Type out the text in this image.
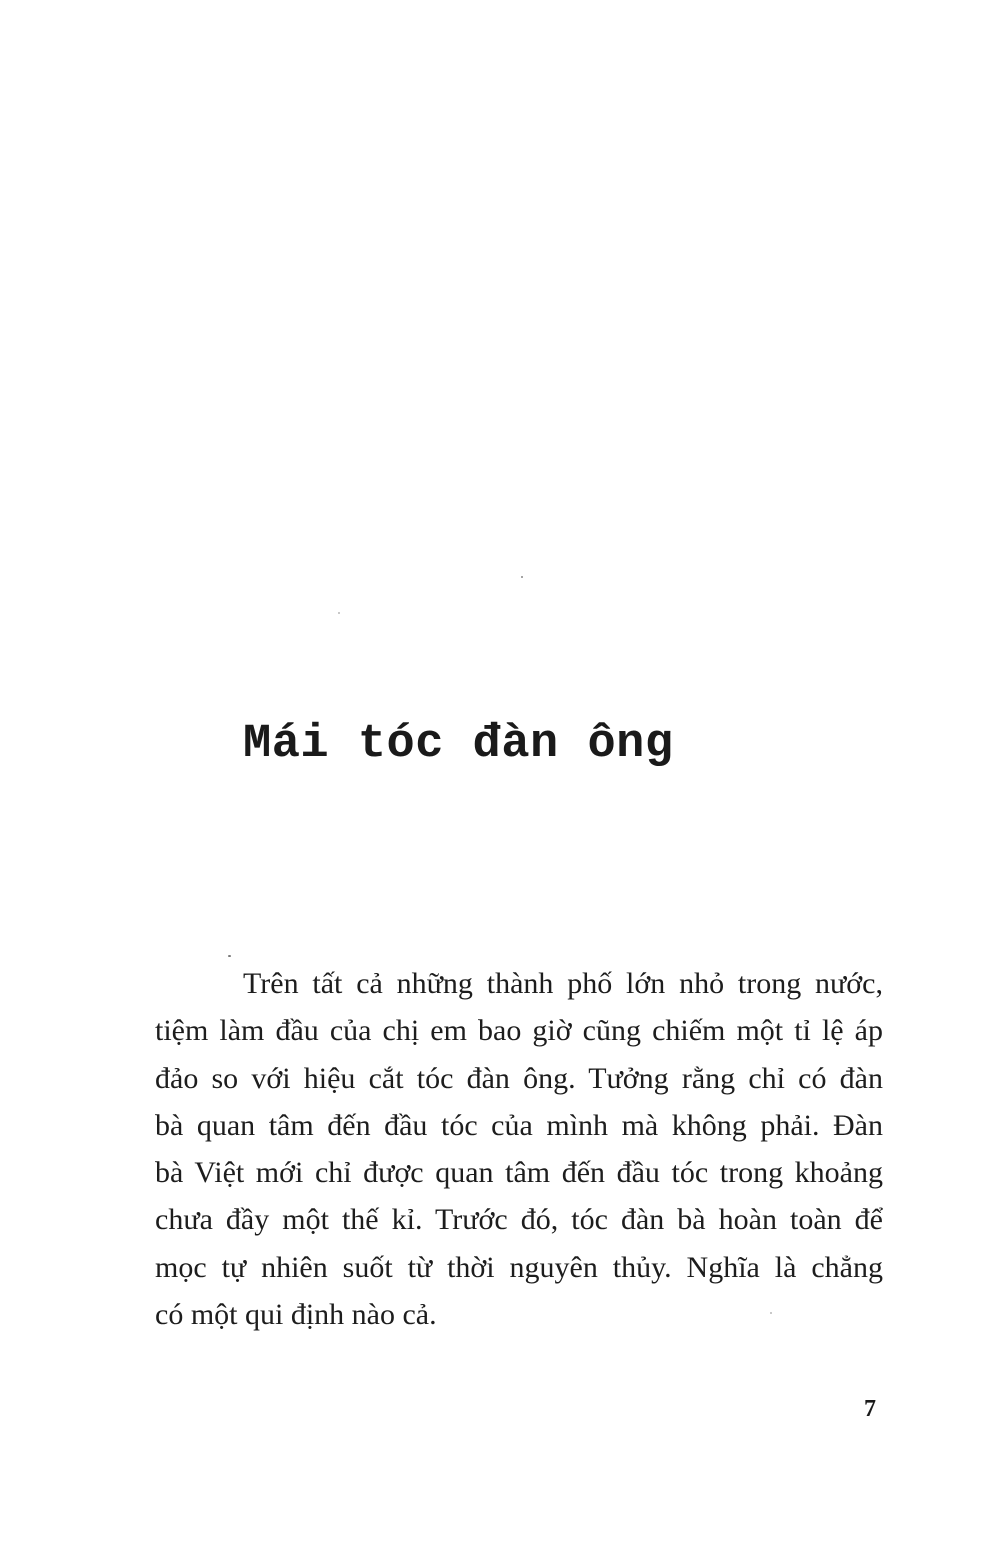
Mái tóc đàn ông
Trên tất cả những thành phố lớn nhỏ trong nước,
tiệm làm đầu của chị em bao giờ cũng chiếm một tỉ lệ áp
đảo so với hiệu cắt tóc đàn ông. Tưởng rằng chỉ có đàn
bà quan tâm đến đầu tóc của mình mà không phải. Đàn
bà Việt mới chỉ được quan tâm đến đầu tóc trong khoảng
chưa đầy một thế kỉ. Trước đó, tóc đàn bà hoàn toàn để
mọc tự nhiên suốt từ thời nguyên thủy. Nghĩa là chẳng
có một qui định nào cả.

7
